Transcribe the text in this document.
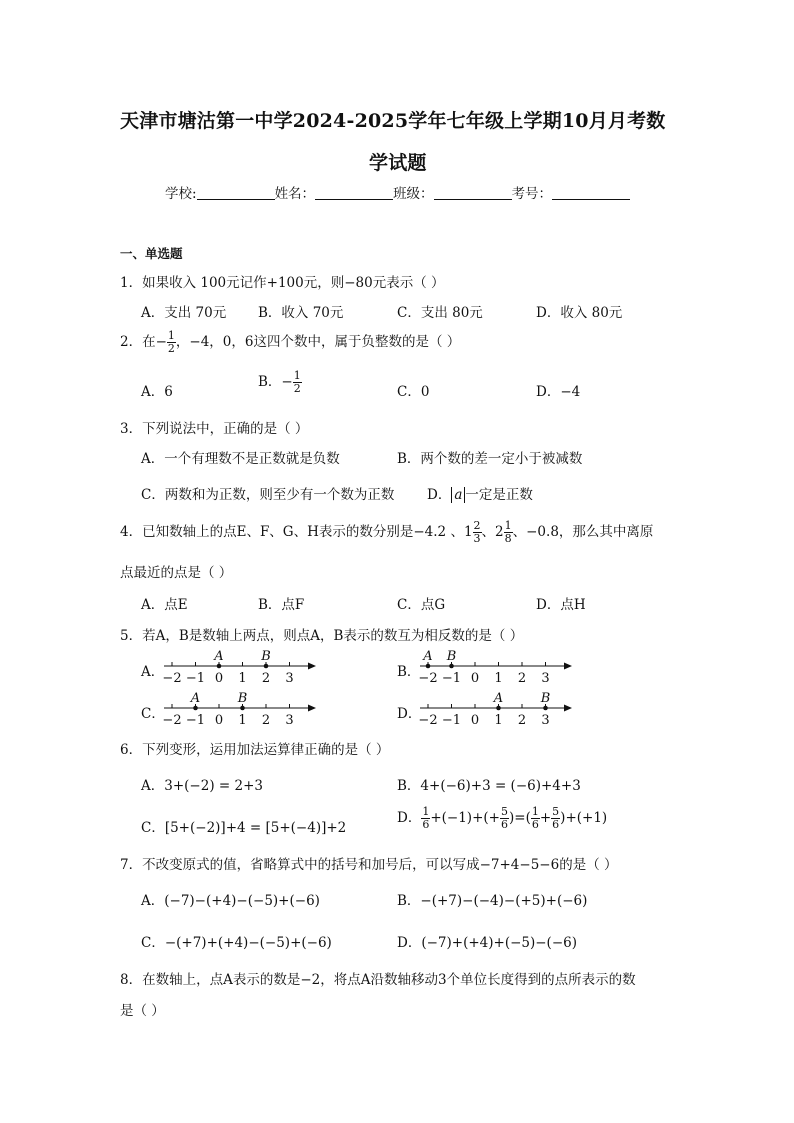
天津市塘沽第一中学2024-2025学年七年级上学期10月月考数
学试题
学校:	姓名：	班级：	考号：
一、单选题
1．如果收入 100元记作+100元，则−80元表示（ ）
A．支出 70元 B．收入 70元	C．支出 80元	D．收入 80元
2．在− $\frac{1}{2}$ ，−4，0，6这四个数中，属于负整数的是（ ）
A．6
B．− $\frac{1}{2}$	C．0	D．−4
3．下列说法中，正确的是（ ）
A．一个有理数不是正数就是负数	B．两个数的差一定小于被减数
C．两数和为正数，则至少有一个数为正数 D． a 一定是正数
4．已知数轴上的点E、F、G、H表示的数分别是−4.2 、$1 \frac{2}{3}$ 、$2 \frac{1}{8}$ 、−0.8，那么其中离原
点最近的点是（ ）
A．点E	B．点F	C．点G	D．点H
5．若A，B是数轴上两点，则点A，B表示的数互为相反数的是（ ）
A．	B．
C．	D．
−2 −1 0 1 2 3
A	B
−2 −1 0 1 2 3
A B
−2 −1 0 1 2 3
A	B
−2 −1 0 1 2 3
A	B
6．下列变形，运用加法运算律正确的是（ ）
A．3+(−2) = 2+3	B．4+(−6)+3 = (−6)+4+3
C．[5+(−2)]+4 = [5+(−4)]+2
D． $\frac{1}{6} +(-1)+(+ \frac{5}{6}$ )=( $\frac{1}{6} + \frac{5}{6} )+(+1)$
7．不改变原式的值，省略算式中的括号和加号后，可以写成−7+4−5−6的是（ ）
A．(−7)−(+4)−(−5)+(−6)	B．−(+7)−(−4)−(+5)+(−6)
C．−(+7)+(+4)−(−5)+(−6)	D．(−7)+(+4)+(−5)−(−6)
8．在数轴上，点A表示的数是−2，将点A沿数轴移动3个单位长度得到的点所表示的数
是（ ）
